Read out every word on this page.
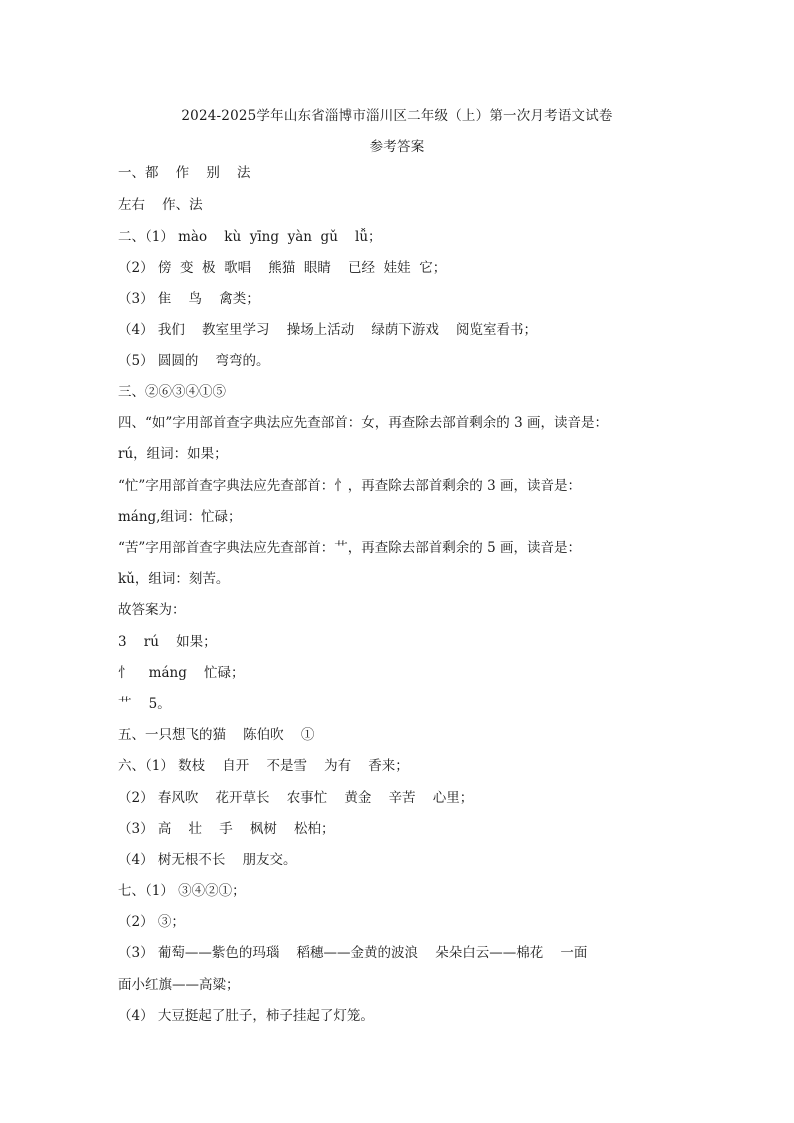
2024-2025学年山东省淄博市淄川区二年级（上）第一次月考语文试卷
参考答案
一、都    作    别    法
左右    作、法
二、（1） mào    kù  yīng  yàn  gǔ    lǚ；
（2） 傍  变  极  歌唱    熊猫  眼睛    已经  娃娃  它；
（3） 隹    鸟    禽类；
（4） 我们    教室里学习    操场上活动    绿荫下游戏    阅览室看书；
（5） 圆圆的    弯弯的。
三、②⑥③④①⑤
四、“如”字用部首查字典法应先查部首：女，再查除去部首剩余的 3 画，读音是：
rú，组词：如果；
“忙”字用部首查字典法应先查部首：忄，再查除去部首剩余的 3 画，读音是：
máng,组词：忙碌；
“苦”字用部首查字典法应先查部首：艹，再查除去部首剩余的 5 画，读音是：
kǔ，组词：刻苦。
故答案为：
3    rú    如果；
忄    máng    忙碌；
艹    5。
五、一只想飞的猫    陈伯吹    ①
六、（1） 数枝    自开    不是雪    为有    香来；
（2） 春风吹    花开草长    农事忙    黄金    辛苦    心里；
（3） 高    壮    手    枫树    松柏；
（4） 树无根不长    朋友交。
七、（1） ③④②①；
（2） ③；
（3） 葡萄——紫色的玛瑙    稻穗——金黄的波浪    朵朵白云——棉花    一面
面小红旗——高粱；
（4） 大豆挺起了肚子，柿子挂起了灯笼。
